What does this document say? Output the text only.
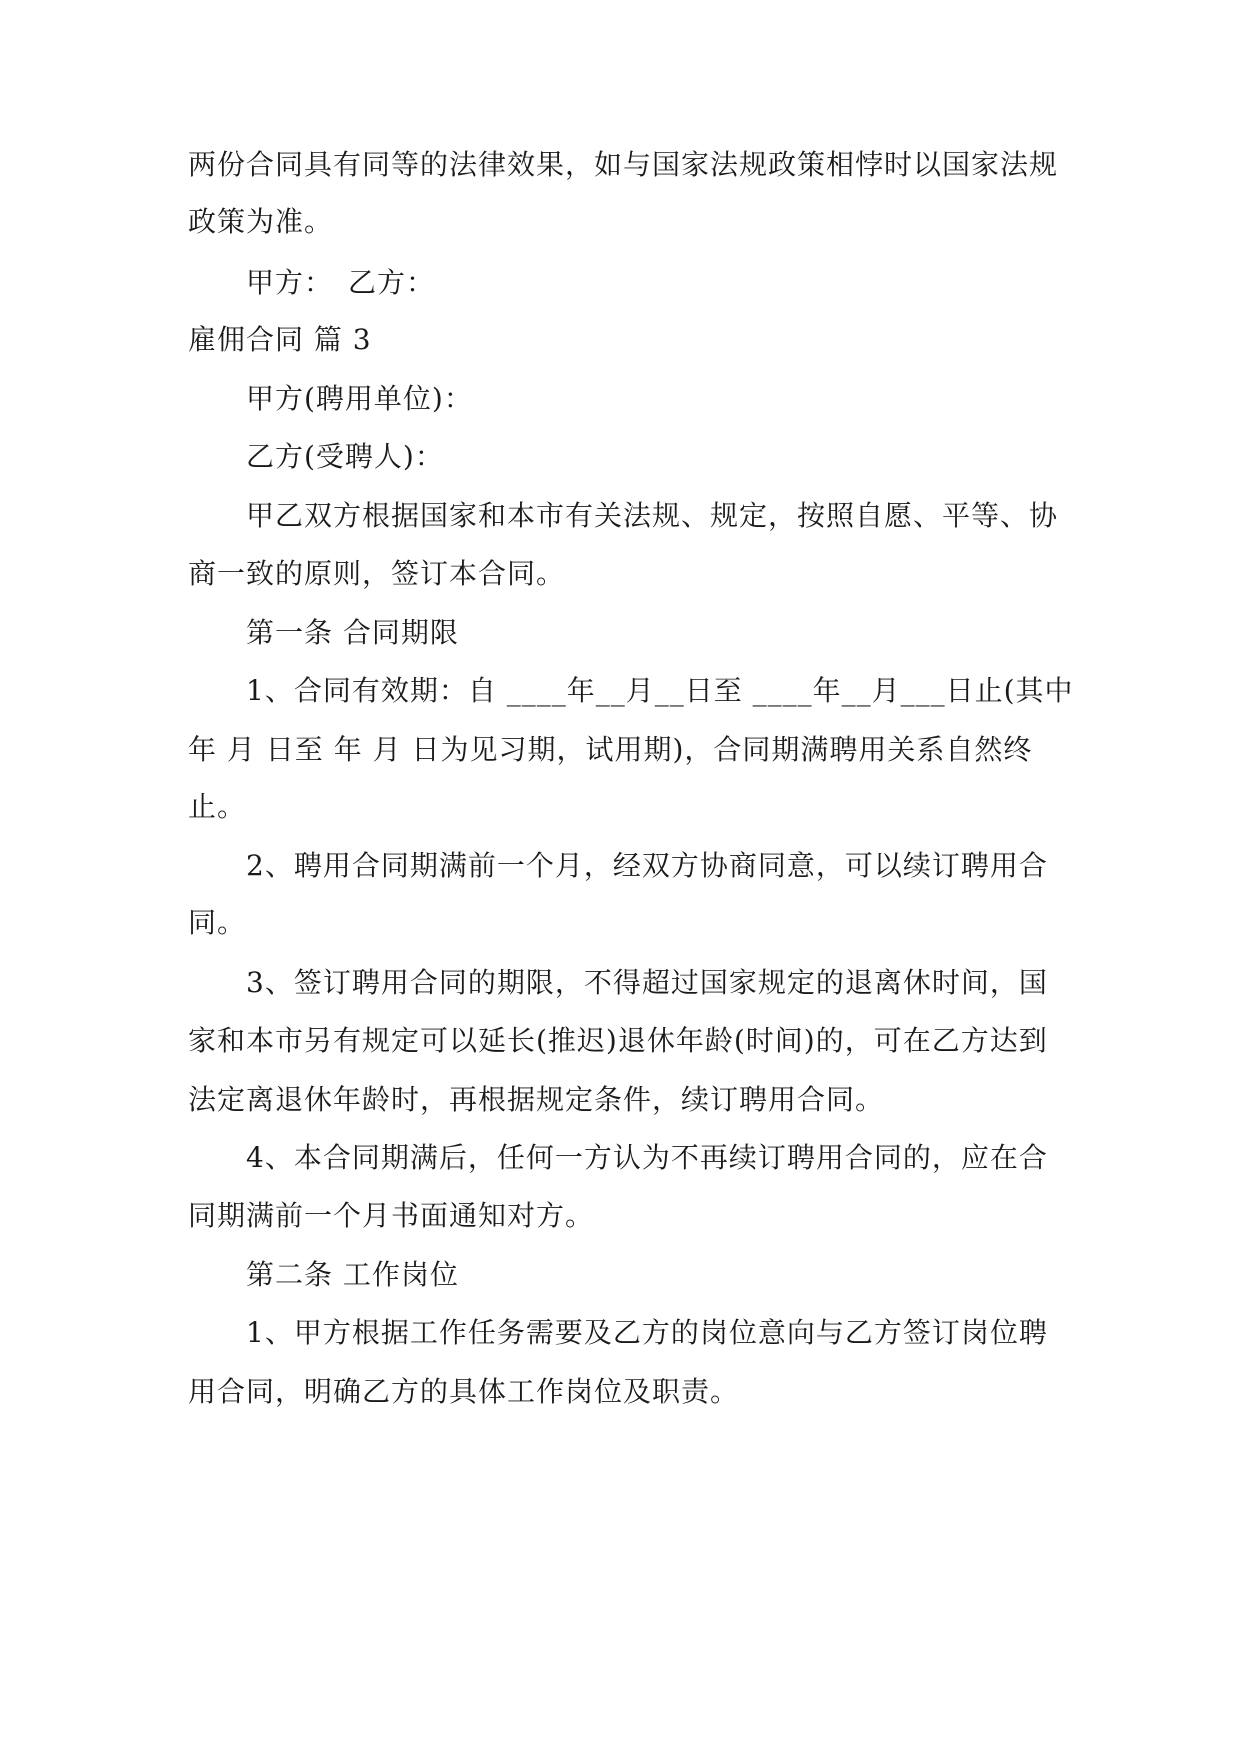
两份合同具有同等的法律效果，如与国家法规政策相悖时以国家法规
政策为准。
甲方：　乙方：
雇佣合同 篇 3
甲方(聘用单位)：
乙方(受聘人)：
甲乙双方根据国家和本市有关法规、规定，按照自愿、平等、协
商一致的原则，签订本合同。
第一条 合同期限
1、合同有效期：自 ____年__月__日至 ____年__月___日止(其中
年 月 日至 年 月 日为见习期，试用期)，合同期满聘用关系自然终
止。
2、聘用合同期满前一个月，经双方协商同意，可以续订聘用合
同。
3、签订聘用合同的期限，不得超过国家规定的退离休时间，国
家和本市另有规定可以延长(推迟)退休年龄(时间)的，可在乙方达到
法定离退休年龄时，再根据规定条件，续订聘用合同。
4、本合同期满后，任何一方认为不再续订聘用合同的，应在合
同期满前一个月书面通知对方。
第二条 工作岗位
1、甲方根据工作任务需要及乙方的岗位意向与乙方签订岗位聘
用合同，明确乙方的具体工作岗位及职责。
